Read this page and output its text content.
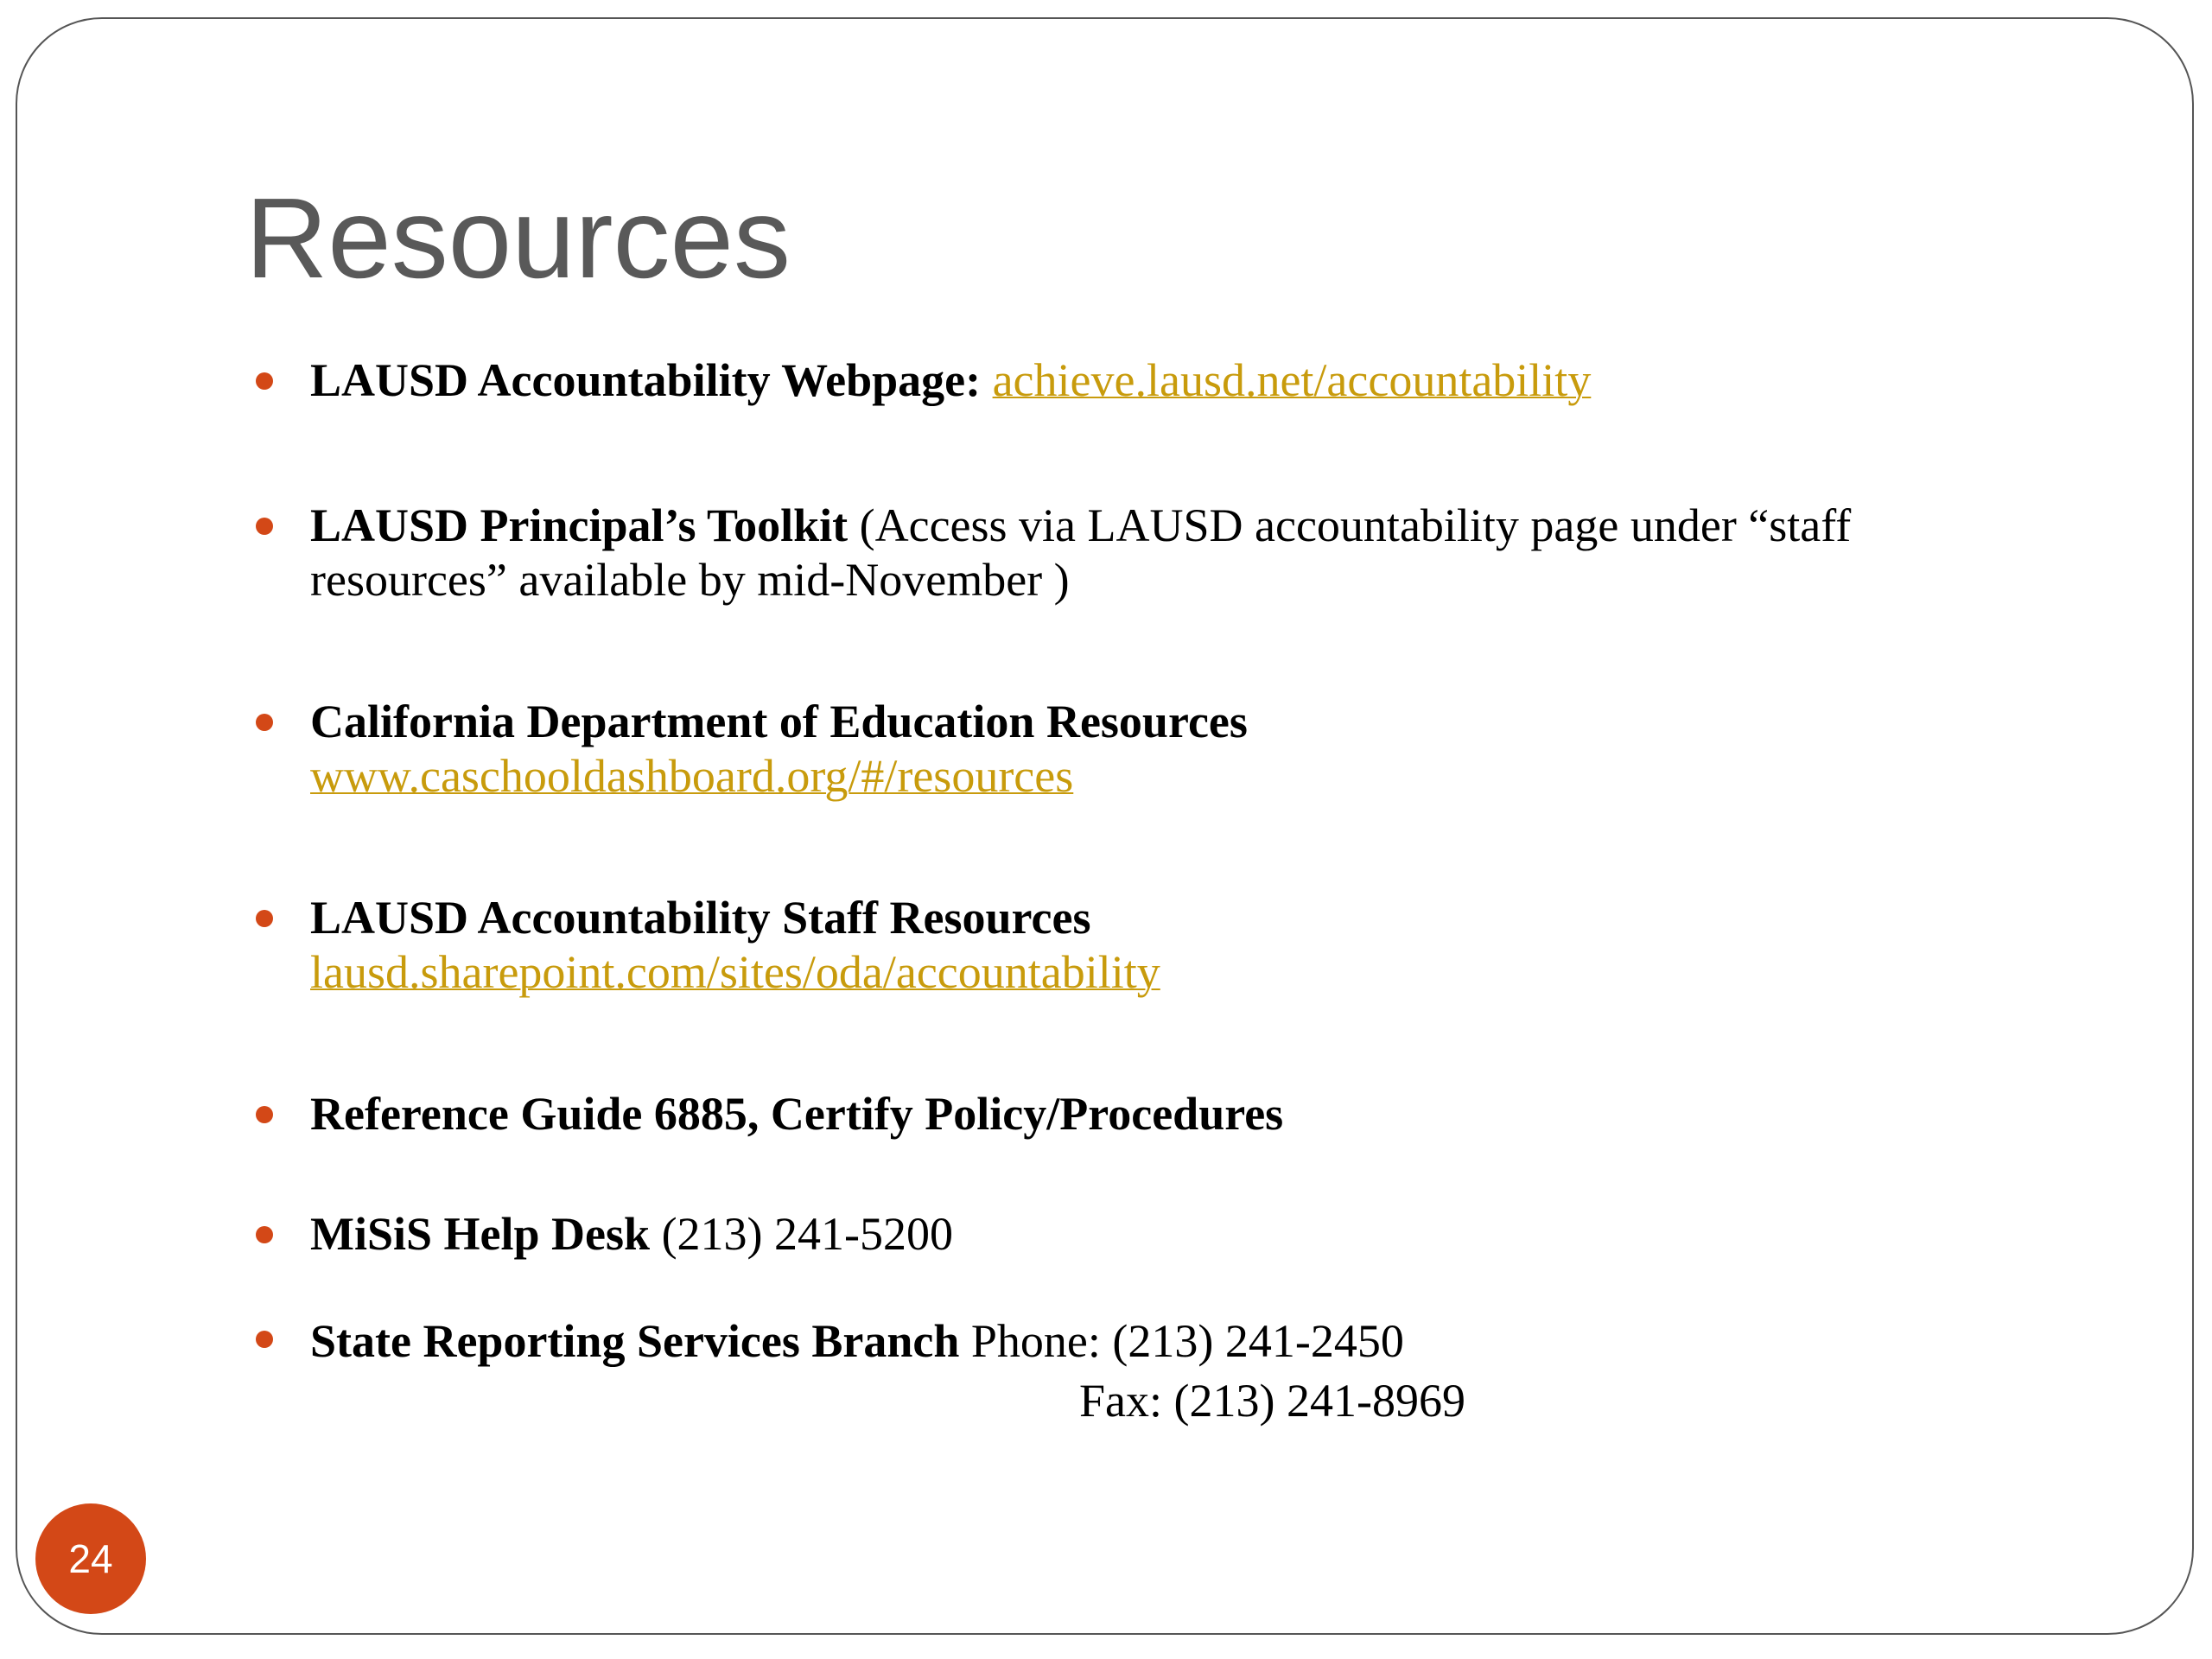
Resources
LAUSD Accountability Webpage: achieve.lausd.net/accountability
LAUSD Principal’s Toolkit (Access via LAUSD accountability page under “staff
resources” available by mid-November )
California Department of Education Resources
www.caschooldashboard.org/#/resources
LAUSD Accountability Staff Resources
lausd.sharepoint.com/sites/oda/accountability
Reference Guide 6885, Certify Policy/Procedures
MiSiS Help Desk (213) 241-5200
State Reporting Services Branch Phone: (213) 241-2450
Fax: (213) 241-8969
24
